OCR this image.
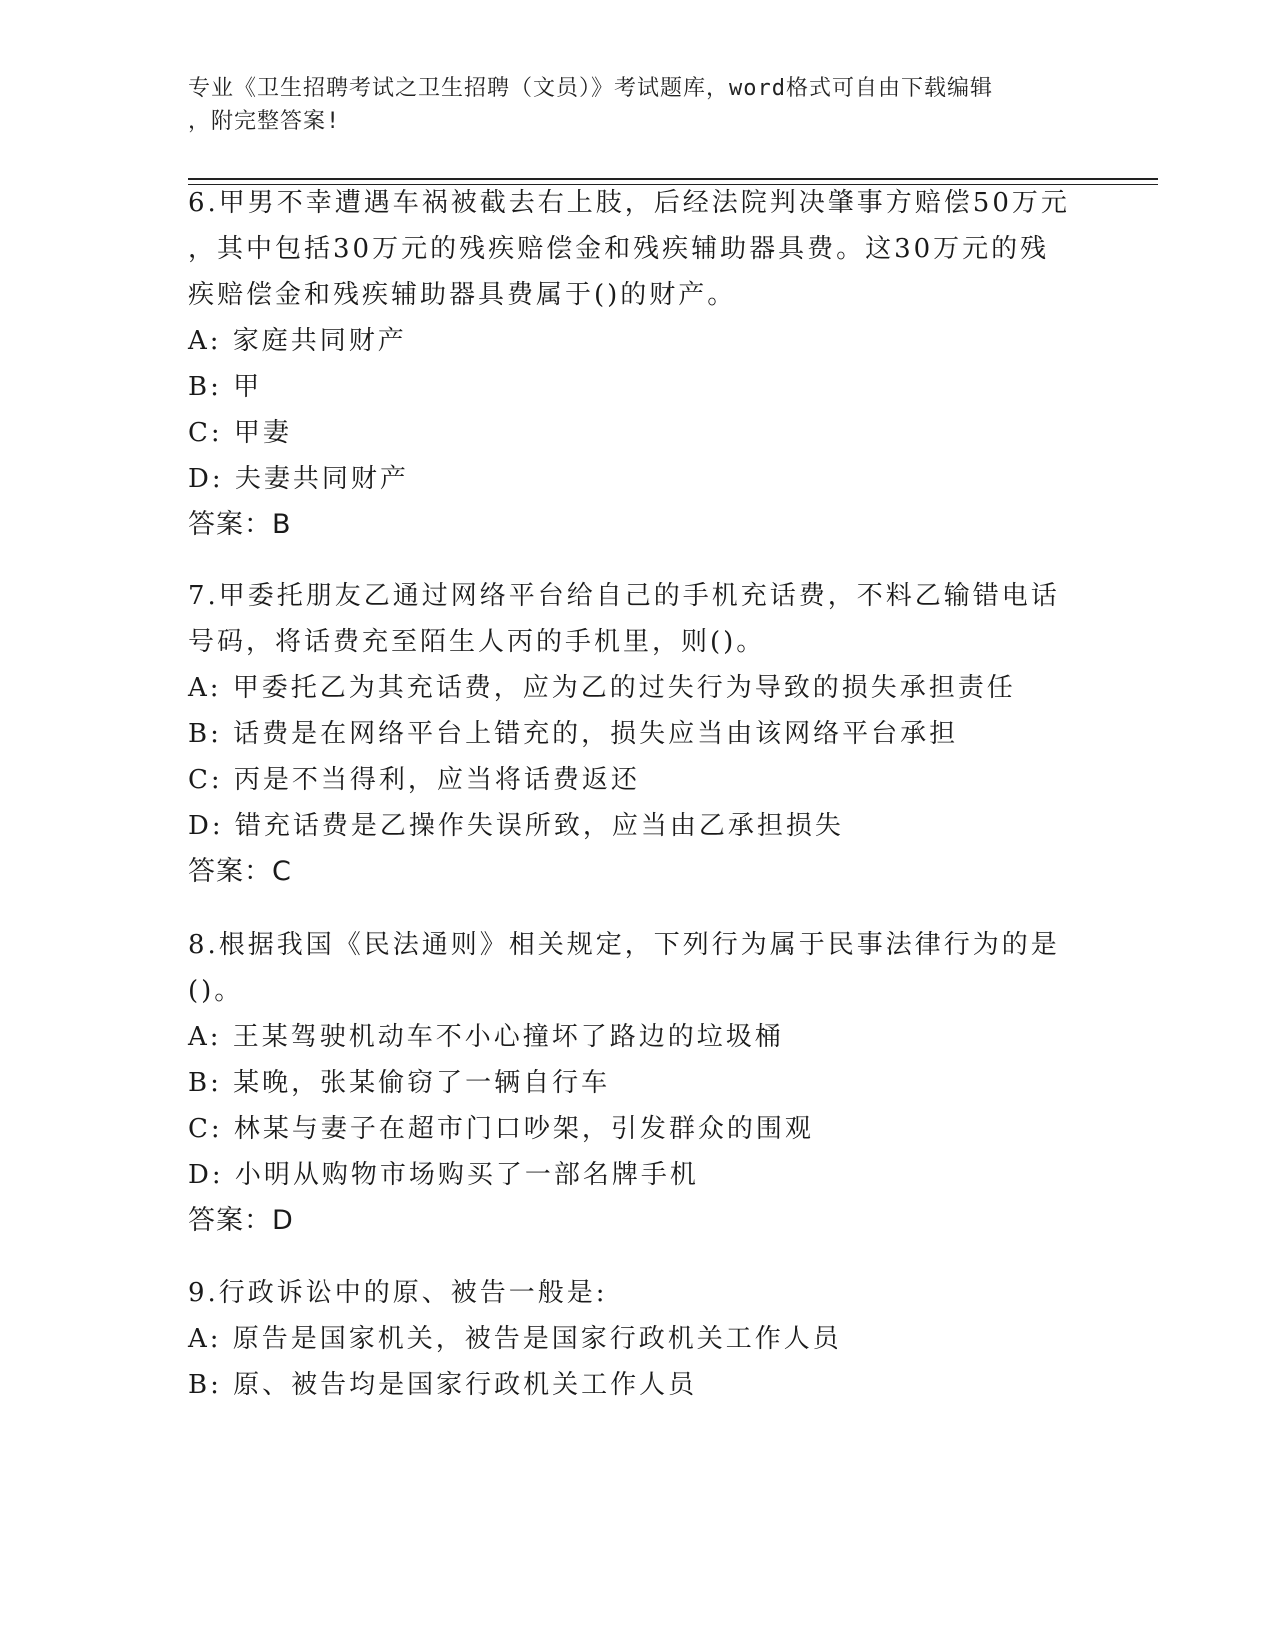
专业《卫生招聘考试之卫生招聘（文员）》考试题库，word格式可自由下载编辑
，附完整答案!

6.甲男不幸遭遇车祸被截去右上肢，后经法院判决肇事方赔偿50万元

，其中包括30万元的残疾赔偿金和残疾辅助器具费。这30万元的残

疾赔偿金和残疾辅助器具费属于()的财产。

A: 家庭共同财产

B: 甲

C: 甲妻

D: 夫妻共同财产

答案：B

7.甲委托朋友乙通过网络平台给自己的手机充话费，不料乙输错电话

号码，将话费充至陌生人丙的手机里，则()。

A: 甲委托乙为其充话费，应为乙的过失行为导致的损失承担责任

B: 话费是在网络平台上错充的，损失应当由该网络平台承担

C: 丙是不当得利，应当将话费返还

D: 错充话费是乙操作失误所致，应当由乙承担损失

答案：C

8.根据我国《民法通则》相关规定，下列行为属于民事法律行为的是

()。

A: 王某驾驶机动车不小心撞坏了路边的垃圾桶

B: 某晚，张某偷窃了一辆自行车

C: 林某与妻子在超市门口吵架，引发群众的围观

D: 小明从购物市场购买了一部名牌手机

答案：D

9.行政诉讼中的原、被告一般是:

A: 原告是国家机关，被告是国家行政机关工作人员

B: 原、被告均是国家行政机关工作人员
